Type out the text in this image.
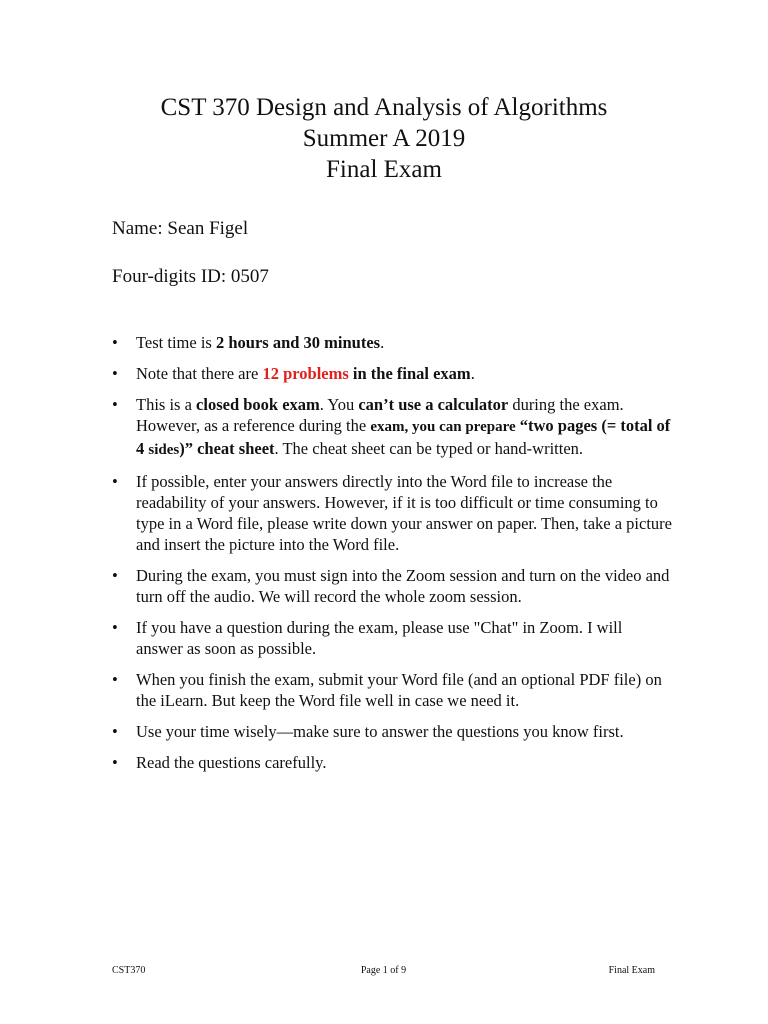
CST 370 Design and Analysis of Algorithms
Summer A 2019
Final Exam
Name: Sean Figel
Four-digits ID: 0507
• Test time is 2 hours and 30 minutes.
• Note that there are 12 problems in the final exam.
• This is a closed book exam. You can’t use a calculator during the exam. However, as a reference during the exam, you can prepare “two pages (= total of 4 sides)” cheat sheet. The cheat sheet can be typed or hand-written.
• If possible, enter your answers directly into the Word file to increase the readability of your answers. However, if it is too difficult or time consuming to type in a Word file, please write down your answer on paper. Then, take a picture and insert the picture into the Word file.
• During the exam, you must sign into the Zoom session and turn on the video and turn off the audio. We will record the whole zoom session.
• If you have a question during the exam, please use "Chat" in Zoom. I will answer as soon as possible.
• When you finish the exam, submit your Word file (and an optional PDF file) on the iLearn. But keep the Word file well in case we need it.
• Use your time wisely—make sure to answer the questions you know first.
• Read the questions carefully.
CST370	Page 1 of 9	Final Exam
